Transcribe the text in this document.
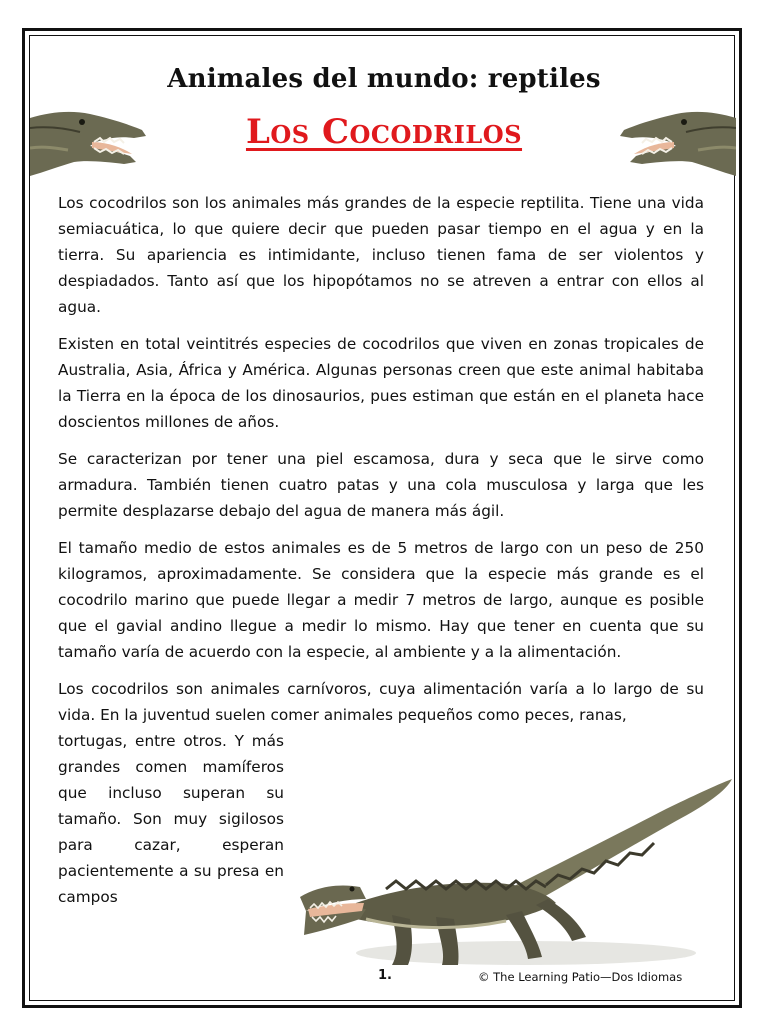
Animales del mundo: reptiles
Los Cocodrilos

Los cocodrilos son los animales más grandes de la especie reptilita. Tiene una vida semiacuática, lo que quiere decir que pueden pasar tiempo en el agua y en la tierra. Su apariencia es intimidante, incluso tienen fama de ser violentos y despiadados. Tanto así que los hipopótamos no se atreven a entrar con ellos al agua.

Existen en total veintitrés especies de cocodrilos que viven en zonas tropicales de Australia, Asia, África y América. Algunas personas creen que este animal habitaba la Tierra en la época de los dinosaurios, pues estiman que están en el planeta hace doscientos millones de años.

Se caracterizan por tener una piel escamosa, dura y seca que le sirve como armadura. También tienen cuatro patas y una cola musculosa y larga que les permite desplazarse debajo del agua de manera más ágil.

El tamaño medio de estos animales es de 5 metros de largo con un peso de 250 kilogramos, aproximadamente. Se considera que la especie más grande es el cocodrilo marino que puede llegar a medir 7 metros de largo, aunque es posible que el gavial andino llegue a medir lo mismo. Hay que tener en cuenta que su tamaño varía de acuerdo con la especie, al ambiente y a la alimentación.

Los cocodrilos son animales carnívoros, cuya alimentación varía a lo largo de su vida. En la juventud suelen comer animales pequeños como peces, ranas,

tortugas, entre otros. Y más grandes comen mamíferos que incluso superan su tamaño. Son muy sigilosos para cazar, esperan pacientemente a su presa en campos
1.	© The Learning Patio—Dos Idiomas
